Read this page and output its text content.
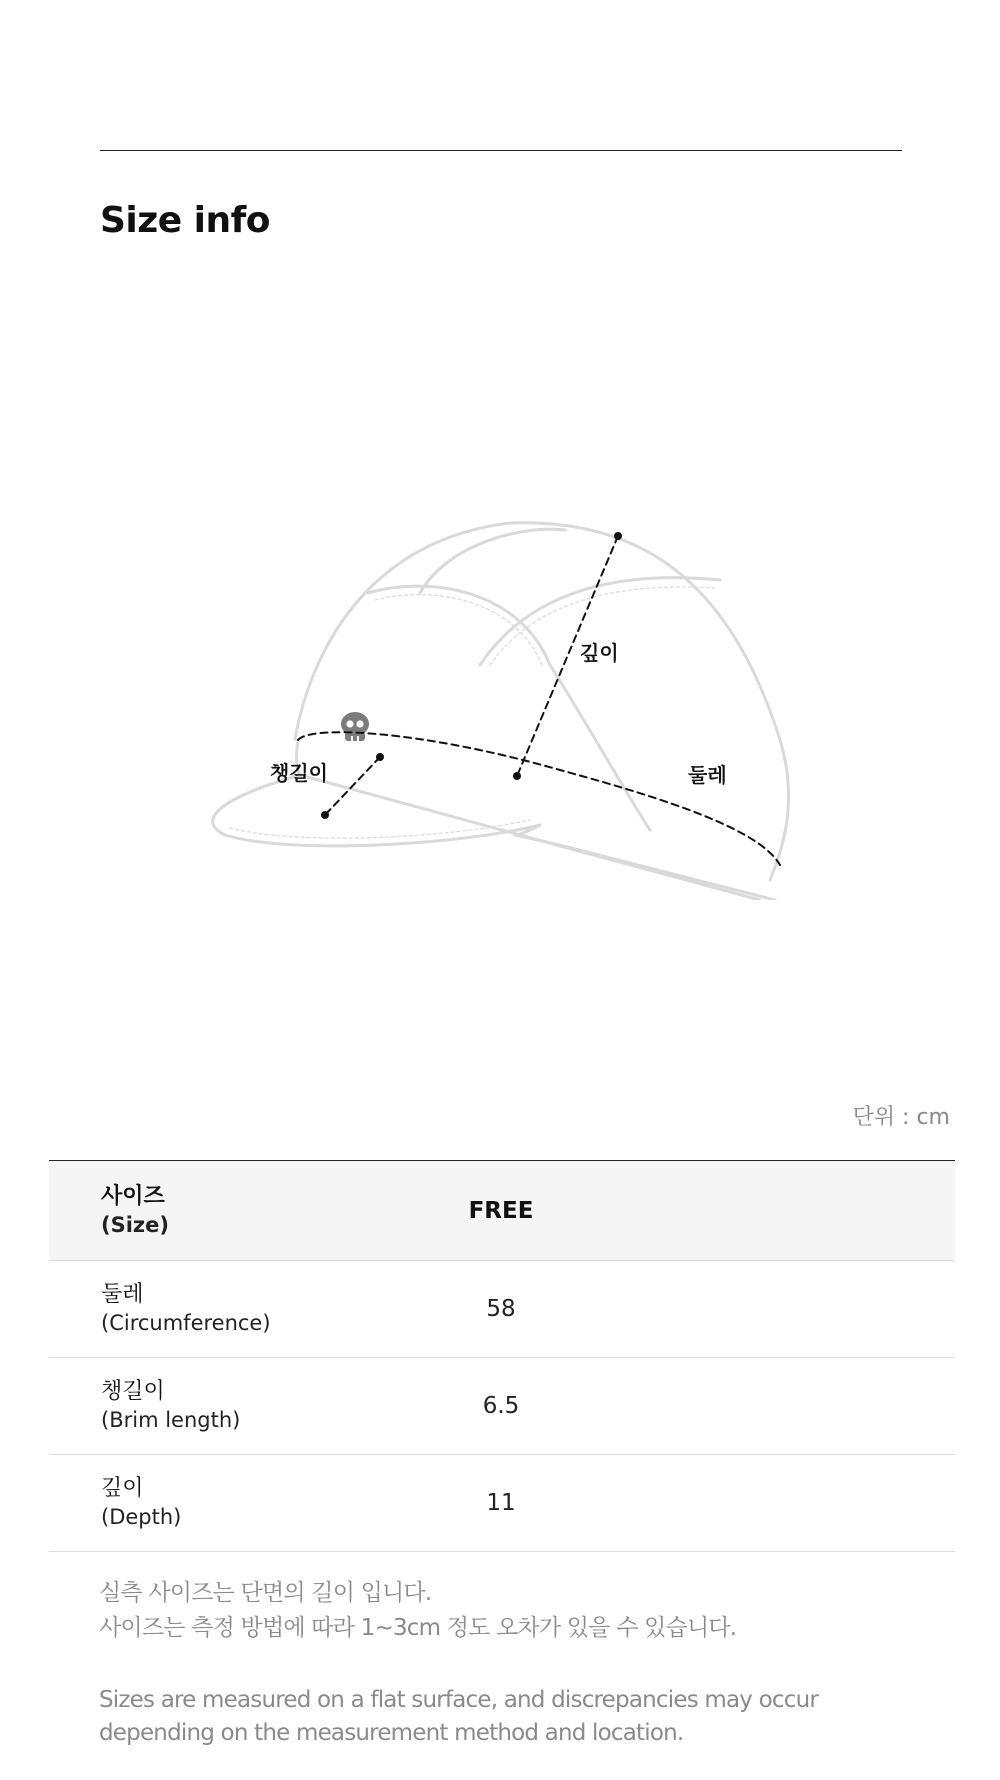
Size info
깊이
둘레
챙길이

단위 : cm

사이즈
(Size)
FREE
둘레
(Circumference)
58
챙길이
(Brim length)
6.5
깊이
(Depth)
11

실측 사이즈는 단면의 길이 입니다.

사이즈는 측정 방법에 따라 1~3cm 정도 오차가 있을 수 있습니다.

Sizes are measured on a flat surface, and discrepancies may occur depending on the measurement method and location.
